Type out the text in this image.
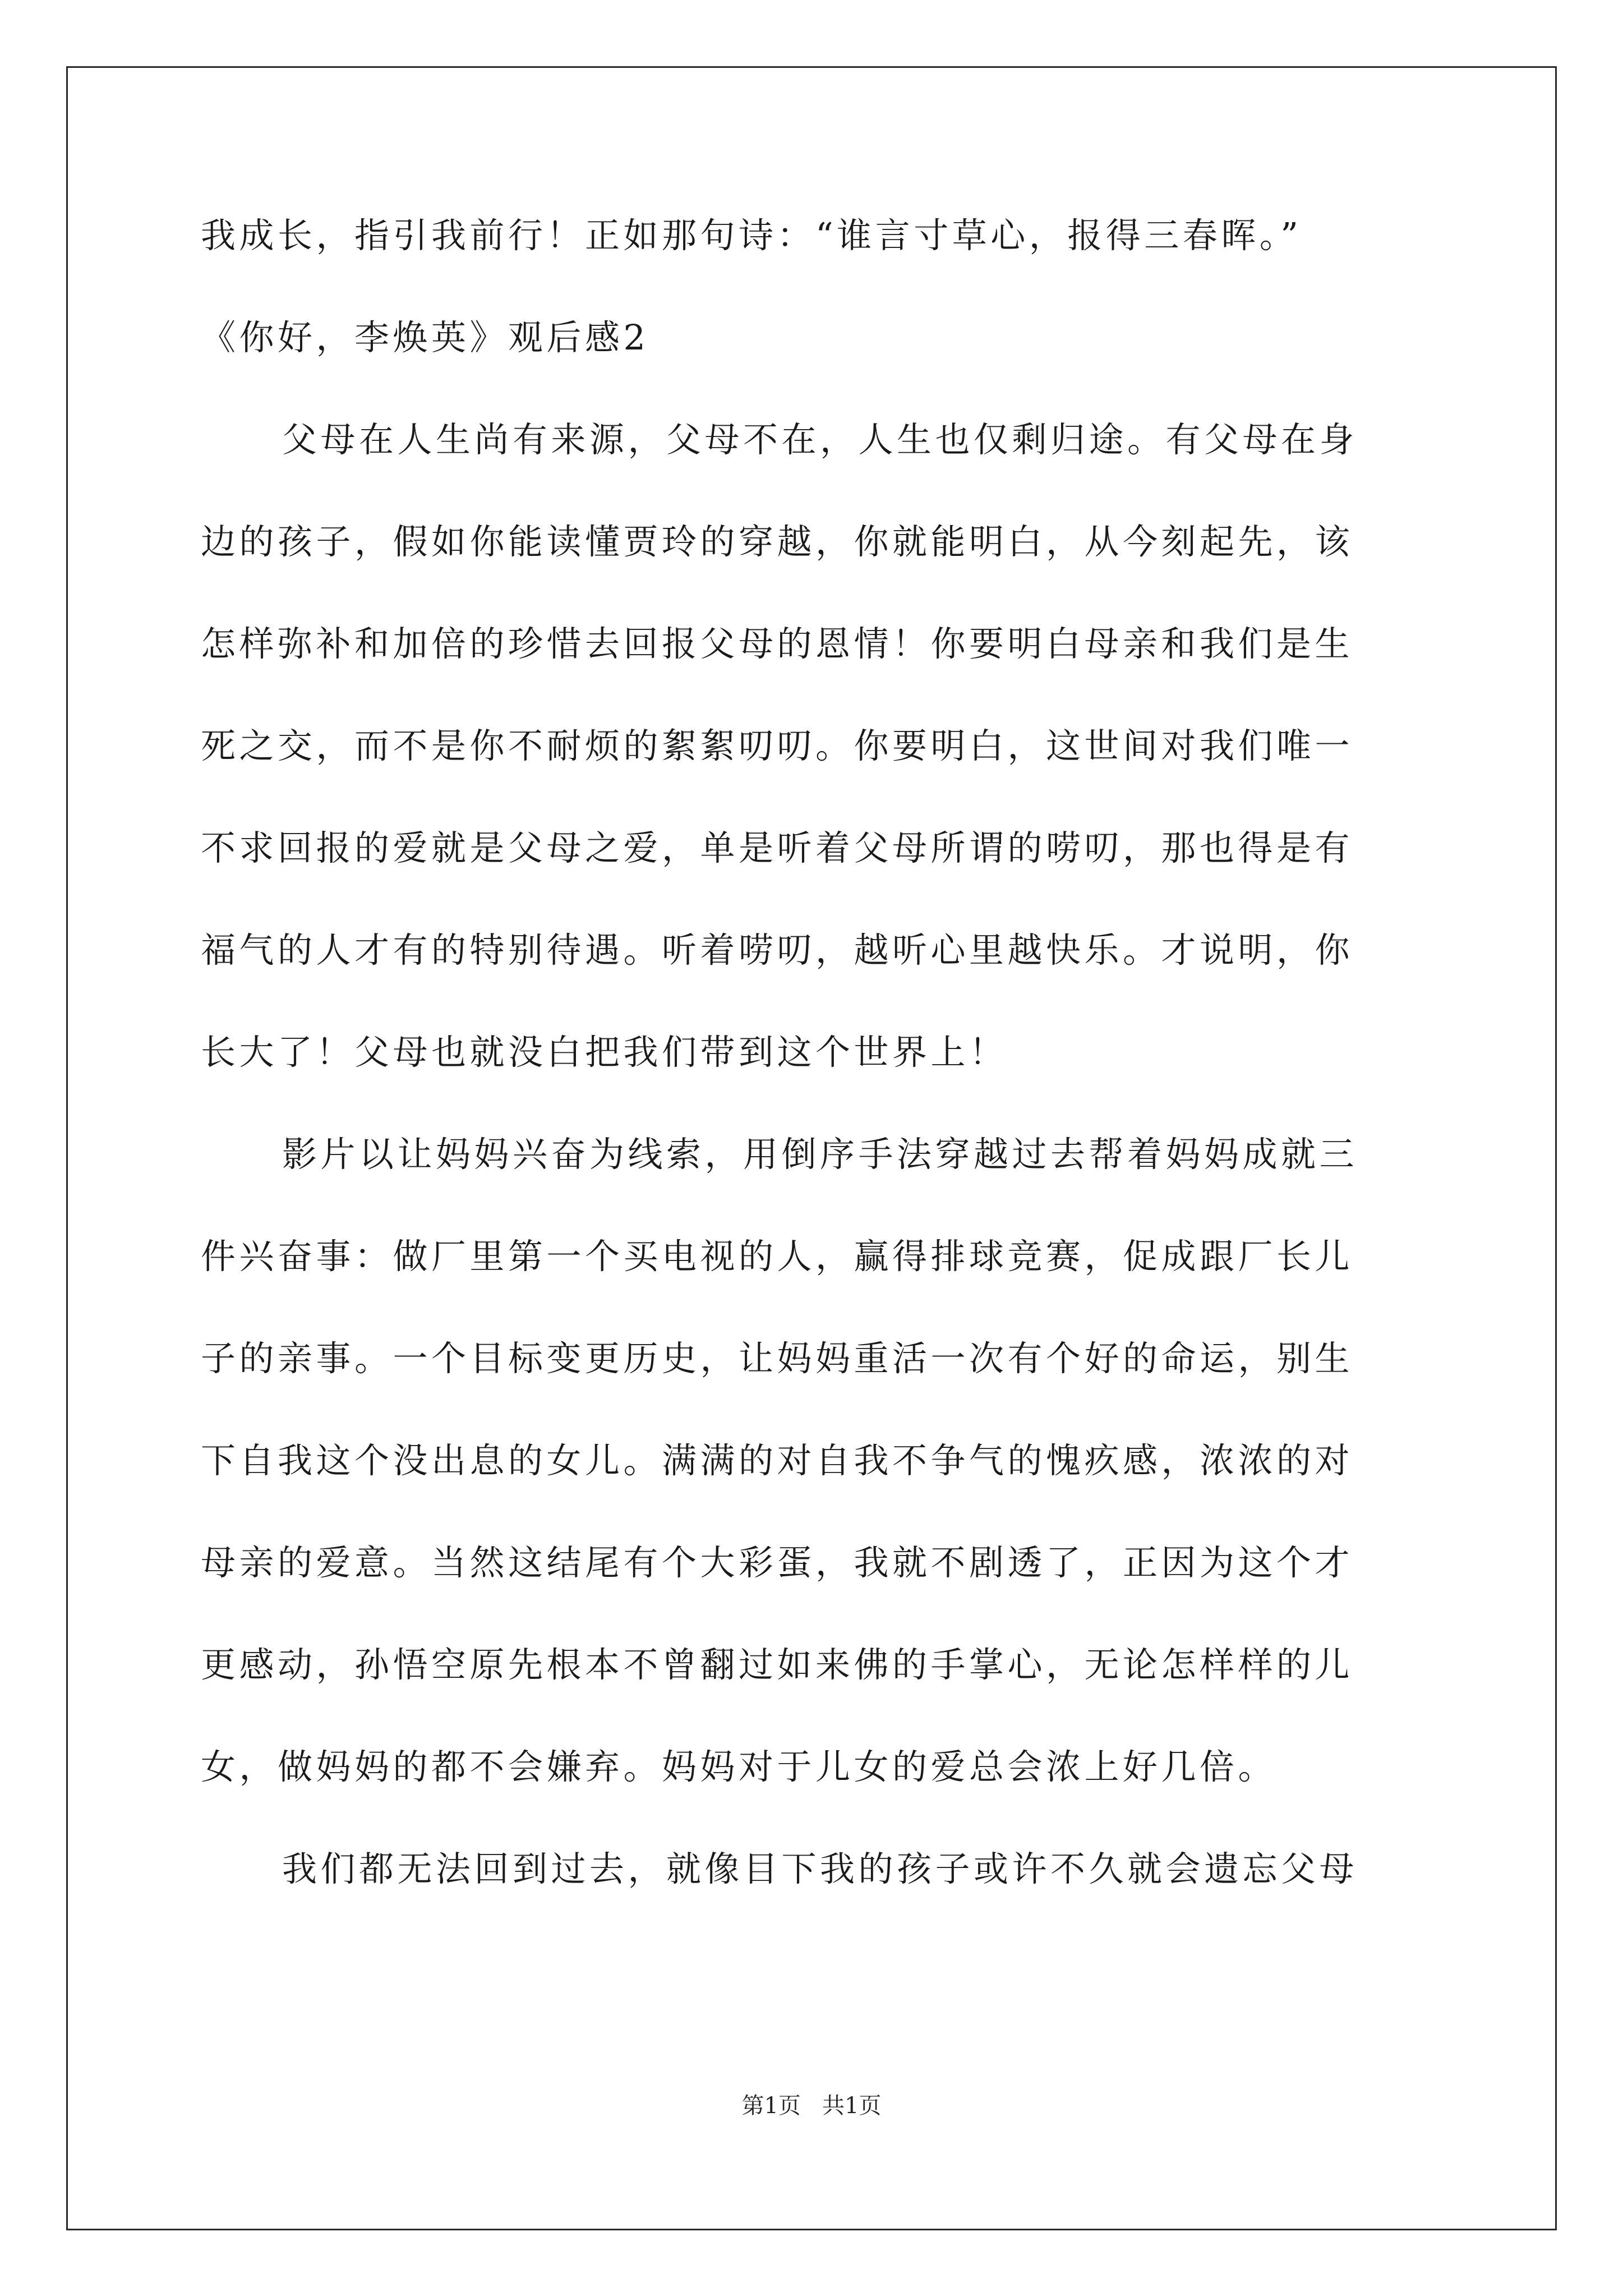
我成长，指引我前行！正如那句诗：“谁言寸草心，报得三春晖。”

《你好，李焕英》观后感2

父母在人生尚有来源，父母不在，人生也仅剩归途。有父母在身

边的孩子，假如你能读懂贾玲的穿越，你就能明白，从今刻起先，该

怎样弥补和加倍的珍惜去回报父母的恩情！你要明白母亲和我们是生

死之交，而不是你不耐烦的絮絮叨叨。你要明白，这世间对我们唯一

不求回报的爱就是父母之爱，单是听着父母所谓的唠叨，那也得是有

福气的人才有的特别待遇。听着唠叨，越听心里越快乐。才说明，你

长大了！父母也就没白把我们带到这个世界上！

影片以让妈妈兴奋为线索，用倒序手法穿越过去帮着妈妈成就三

件兴奋事：做厂里第一个买电视的人，赢得排球竞赛，促成跟厂长儿

子的亲事。一个目标变更历史，让妈妈重活一次有个好的命运，别生

下自我这个没出息的女儿。满满的对自我不争气的愧疚感，浓浓的对

母亲的爱意。当然这结尾有个大彩蛋，我就不剧透了，正因为这个才

更感动，孙悟空原先根本不曾翻过如来佛的手掌心，无论怎样样的儿

女，做妈妈的都不会嫌弃。妈妈对于儿女的爱总会浓上好几倍。

我们都无法回到过去，就像目下我的孩子或许不久就会遗忘父母

第1页   共1页
